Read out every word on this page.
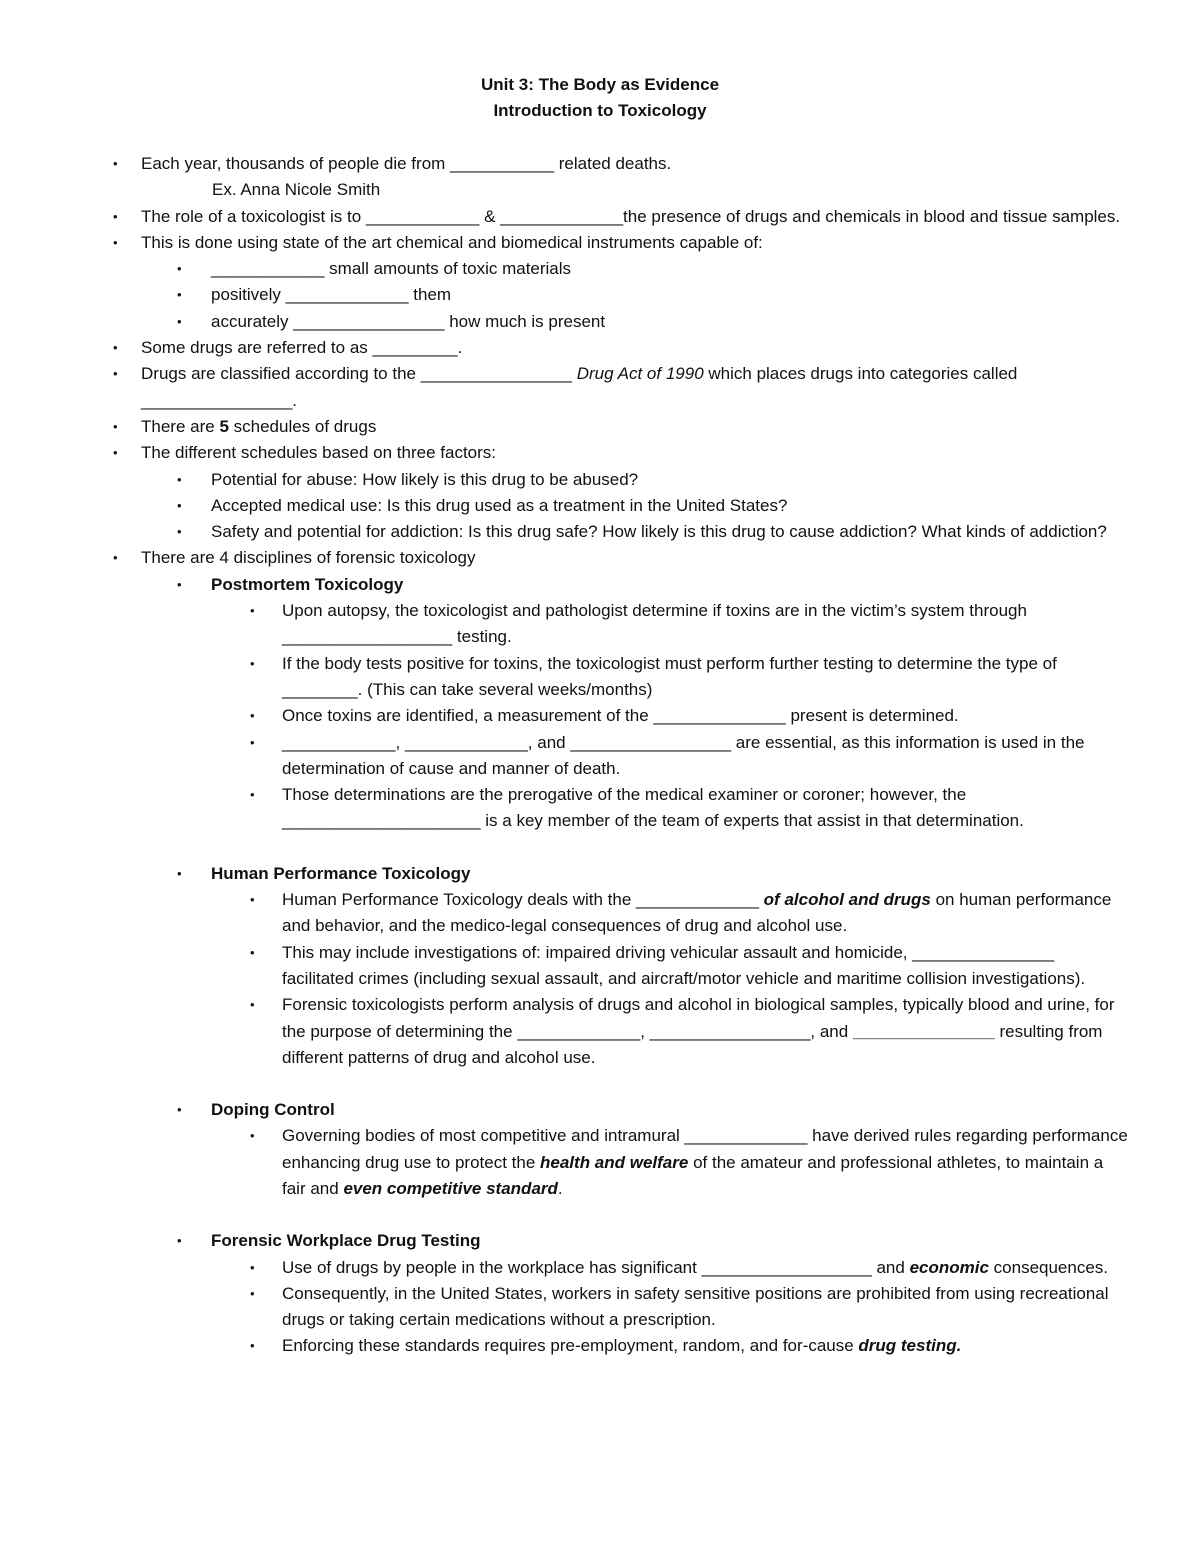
Unit 3: The Body as Evidence
Introduction to Toxicology
• Each year, thousands of people die from ___________ related deaths.
Ex. Anna Nicole Smith
• The role of a toxicologist is to ____________ & _____________the presence of drugs and chemicals in blood and tissue samples.
• This is done using state of the art chemical and biomedical instruments capable of:
• ____________ small amounts of toxic materials
• positively _____________ them
• accurately ________________ how much is present
• Some drugs are referred to as _________.
• Drugs are classified according to the ________________ Drug Act of 1990 which places drugs into categories called ________________.
• There are 5 schedules of drugs
• The different schedules based on three factors:
• Potential for abuse: How likely is this drug to be abused?
• Accepted medical use: Is this drug used as a treatment in the United States?
• Safety and potential for addiction: Is this drug safe? How likely is this drug to cause addiction? What kinds of addiction?
• There are 4 disciplines of forensic toxicology
• Postmortem Toxicology
• Upon autopsy, the toxicologist and pathologist determine if toxins are in the victim’s system through __________________ testing.
• If the body tests positive for toxins, the toxicologist must perform further testing to determine the type of ________. (This can take several weeks/months)
• Once toxins are identified, a measurement of the ______________ present is determined.
• ____________, _____________, and _________________ are essential, as this information is used in the determination of cause and manner of death.
• Those determinations are the prerogative of the medical examiner or coroner; however, the _____________________ is a key member of the team of experts that assist in that determination.
• Human Performance Toxicology
• Human Performance Toxicology deals with the _____________ of alcohol and drugs on human performance and behavior, and the medico-legal consequences of drug and alcohol use.
• This may include investigations of: impaired driving vehicular assault and homicide, _______________ facilitated crimes (including sexual assault, and aircraft/motor vehicle and maritime collision investigations).
• Forensic toxicologists perform analysis of drugs and alcohol in biological samples, typically blood and urine, for the purpose of determining the _____________, _________________, and _______________ resulting from different patterns of drug and alcohol use.
• Doping Control
• Governing bodies of most competitive and intramural _____________ have derived rules regarding performance enhancing drug use to protect the health and welfare of the amateur and professional athletes, to maintain a fair and even competitive standard.
• Forensic Workplace Drug Testing
• Use of drugs by people in the workplace has significant __________________ and economic consequences.
• Consequently, in the United States, workers in safety sensitive positions are prohibited from using recreational drugs or taking certain medications without a prescription.
• Enforcing these standards requires pre-employment, random, and for-cause drug testing.
